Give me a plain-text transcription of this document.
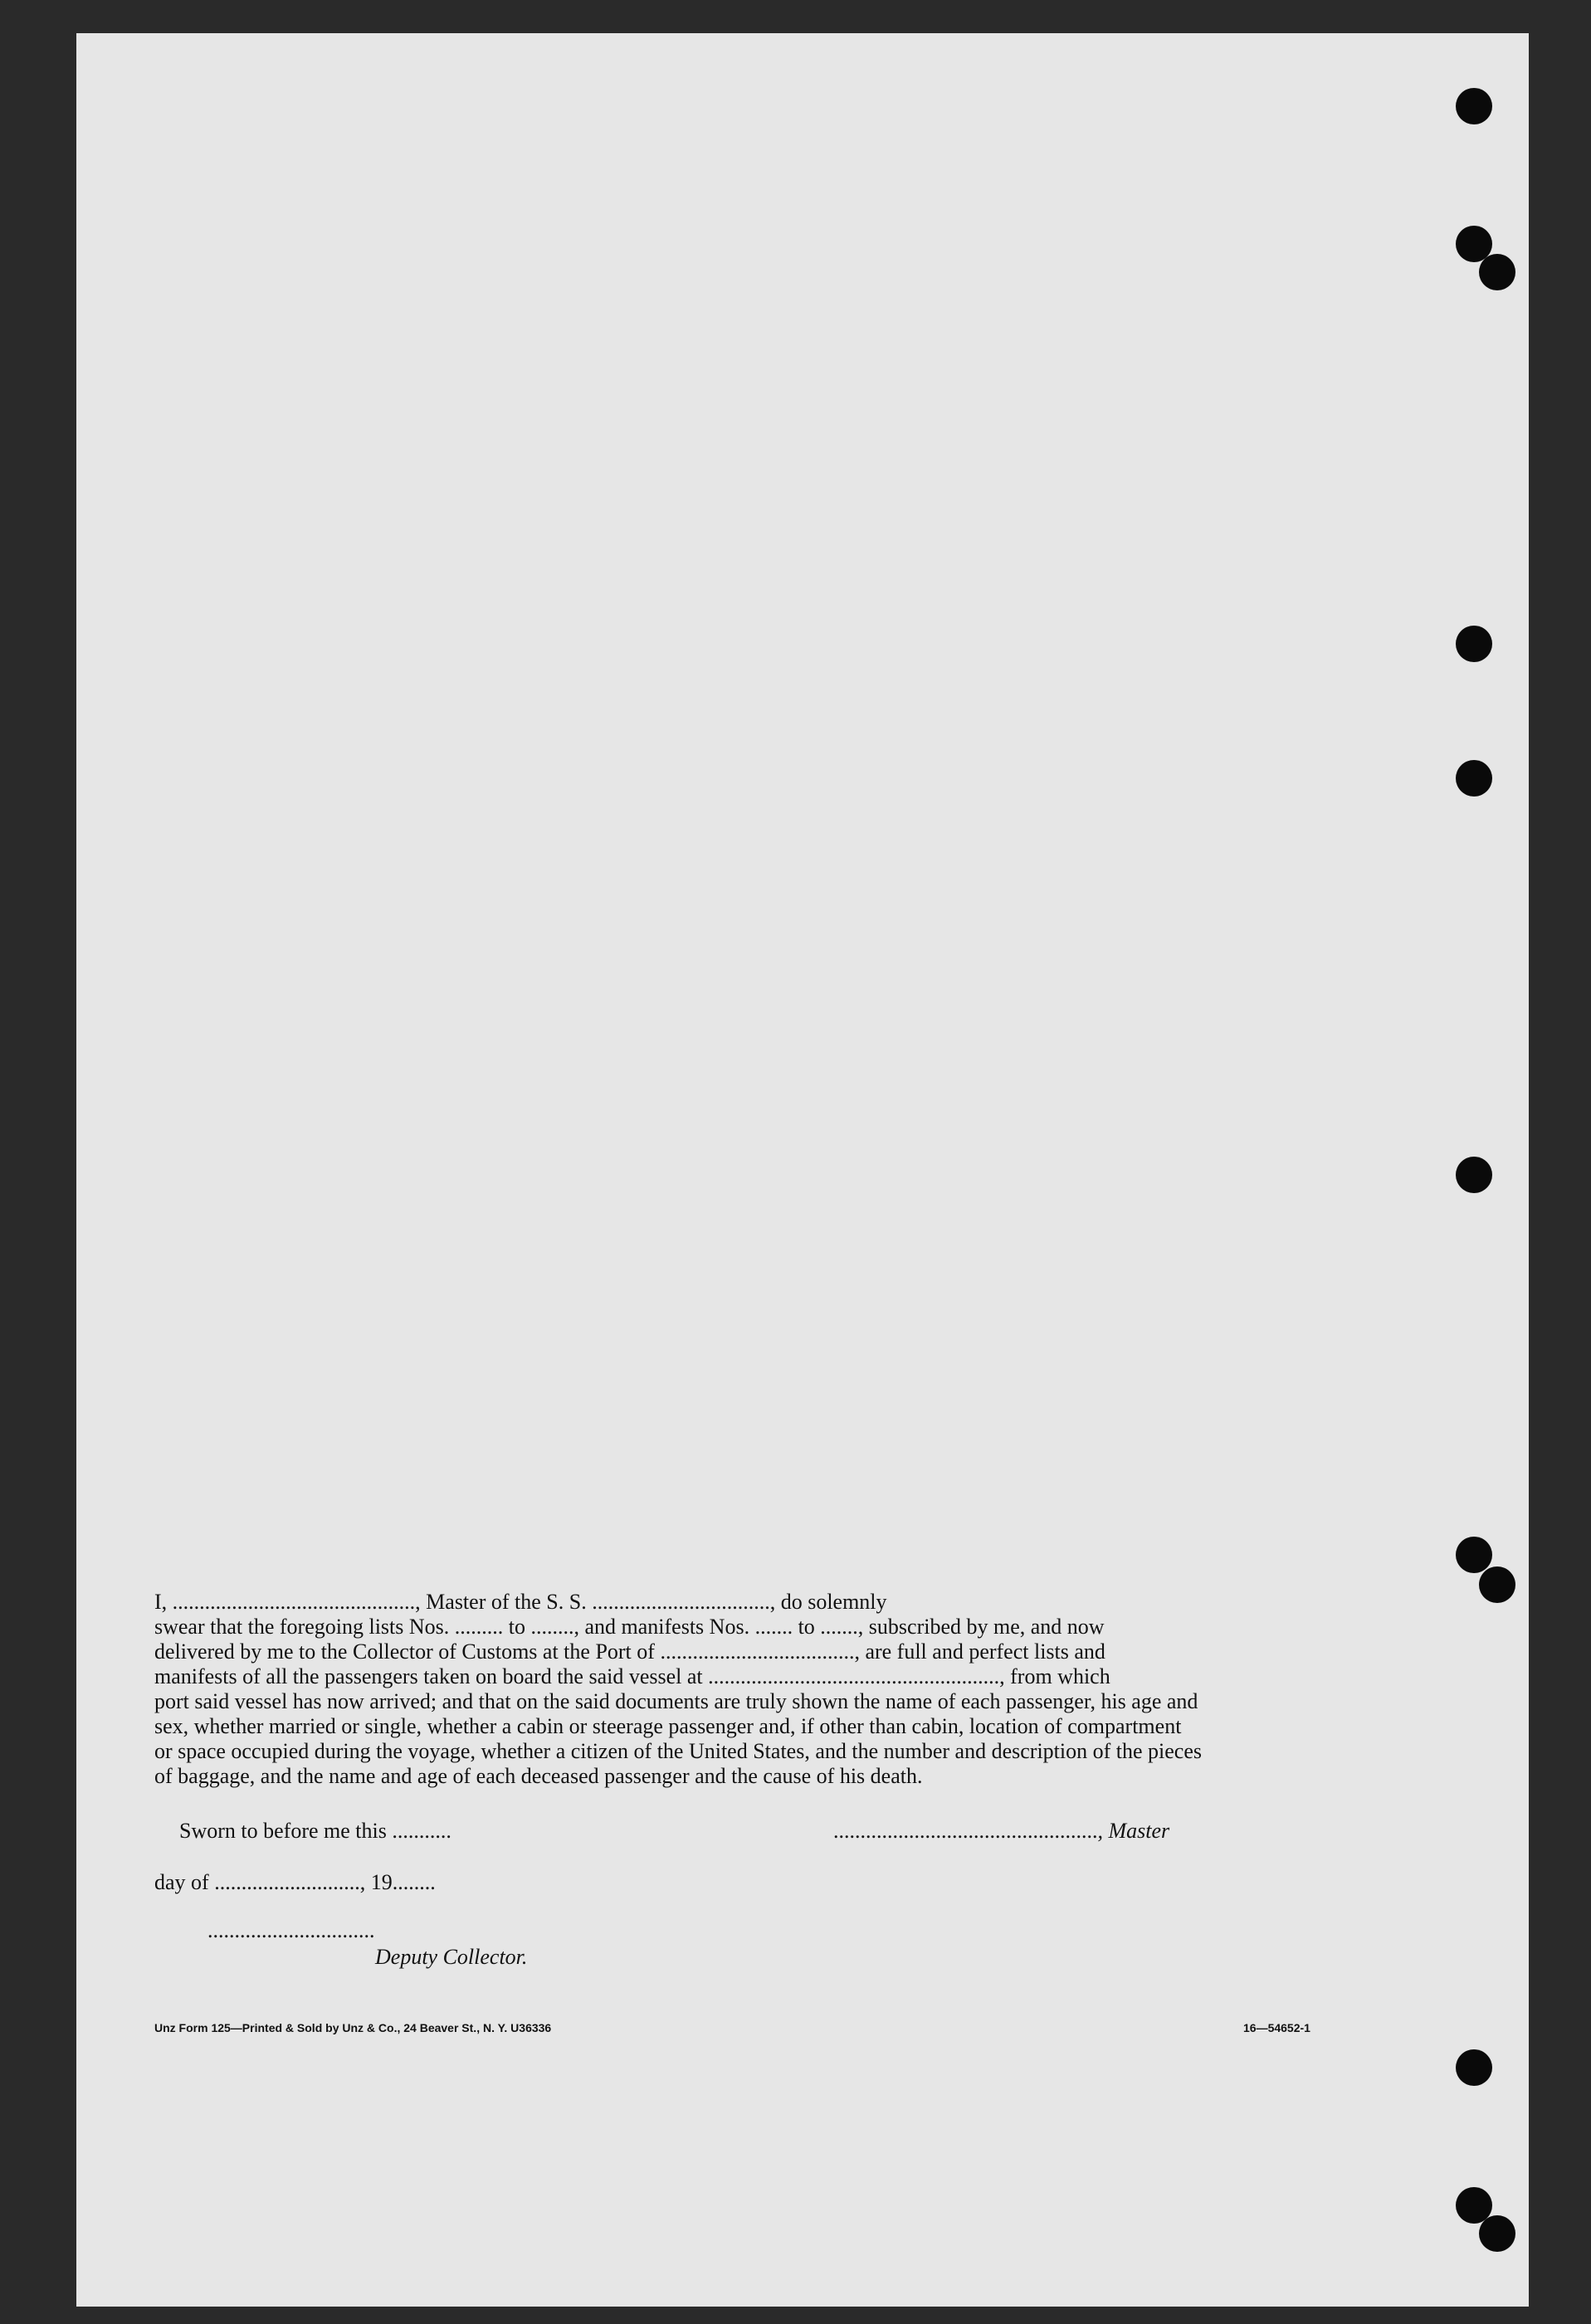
I, ............................................., Master of the S. S. ................................., do solemnly
swear that the foregoing lists Nos. ......... to ........, and manifests Nos. ....... to ......., subscribed by me, and now
delivered by me to the Collector of Customs at the Port of ...................................., are full and perfect lists and
manifests of all the passengers taken on board the said vessel at ......................................................, from which
port said vessel has now arrived; and that on the said documents are truly shown the name of each passenger, his age and
sex, whether married or single, whether a cabin or steerage passenger and, if other than cabin, location of compartment
or space occupied during the voyage, whether a citizen of the United States, and the number and description of the pieces
of baggage, and the name and age of each deceased passenger and the cause of his death.
Sworn to before me this ...........	................................................., Master
day of ..........................., 19........
...............................
Deputy Collector.
Unz Form 125—Printed & Sold by Unz & Co., 24 Beaver St., N. Y. U36336	16—54652-1
